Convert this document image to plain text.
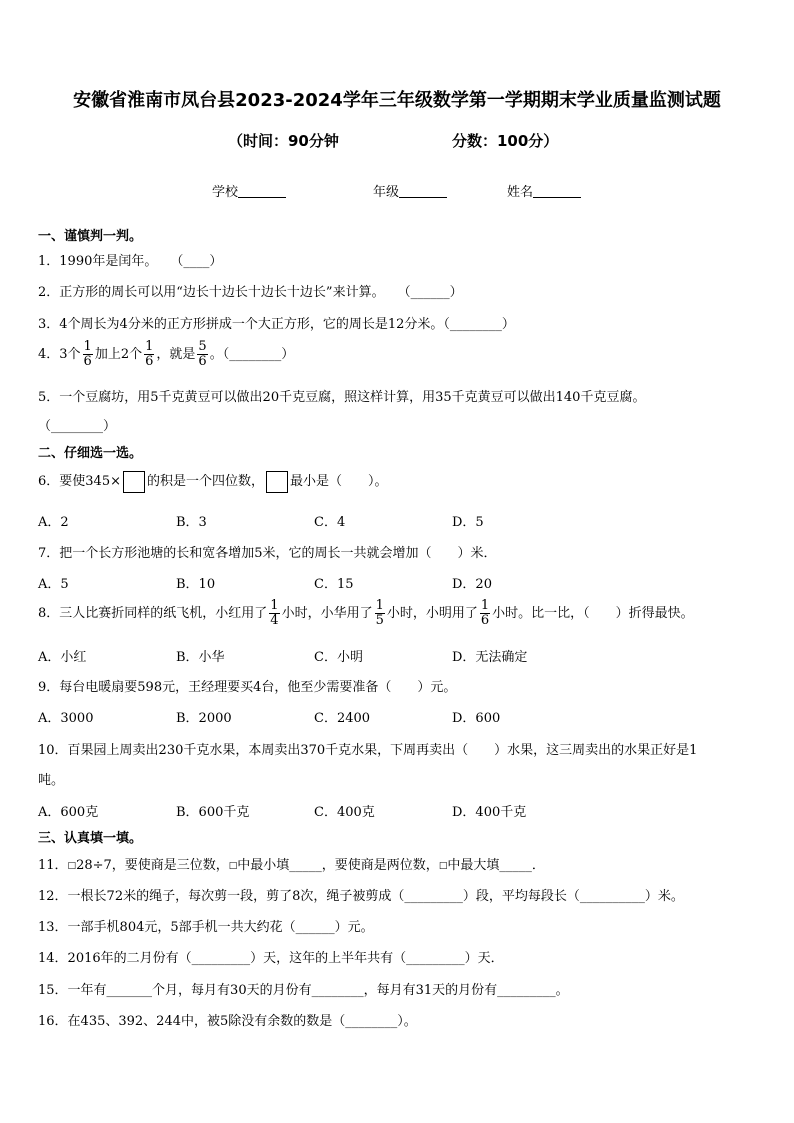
安徽省淮南市凤台县2023-2024学年三年级数学第一学期期末学业质量监测试题
（时间：90分钟	分数：100分）
学校	年级	姓名
一、谨慎判一判。
1．1990年是闰年。　　（____）
2．正方形的周长可以用“边长十边长十边长十边长”来计算。　　（______）
3．4个周长为4分米的正方形拼成一个大正方形，它的周长是12分米。（________）
4．3个 $\frac{1}{6}$ 加上2个 $\frac{1}{6}$ ，就是 $\frac{5}{6}$ 。（________）
5．一个豆腐坊，用5千克黄豆可以做出20千克豆腐，照这样计算，用35千克黄豆可以做出140千克豆腐。
（________）
二、仔细选一选。
6．要使345× 的积是一个四位数， 最小是（　　）。
A．2	B．3	C．4	D．5
7．把一个长方形池塘的长和宽各增加5米，它的周长一共就会增加（　　）米．
A．5	B．10	C．15	D．20
8．三人比赛折同样的纸飞机，小红用了 $\frac{1}{4}$ 小时，小华用了 $\frac{1}{5}$ 小时，小明用了 $\frac{1}{6}$ 小时。比一比，（　　）折得最快。
A．小红	B．小华	C．小明	D．无法确定
9．每台电暖扇要598元，王经理要买4台，他至少需要准备（　　）元。
A．3000	B．2000	C．2400	D．600
10．百果园上周卖出230千克水果，本周卖出370千克水果，下周再卖出（　　）水果，这三周卖出的水果正好是1
吨。
A．600克	B．600千克	C．400克	D．400千克
三、认真填一填。
11．□28÷7，要使商是三位数，□中最小填_____，要使商是两位数，□中最大填_____．
12．一根长72米的绳子，每次剪一段，剪了8次，绳子被剪成（_________）段，平均每段长（__________）米。
13．一部手机804元，5部手机一共大约花（______）元。
14．2016年的二月份有（_________）天，这年的上半年共有（_________）天．
15．一年有_______个月，每月有30天的月份有________，每月有31天的月份有_________。
16．在435、392、244中，被5除没有余数的数是（________）。
